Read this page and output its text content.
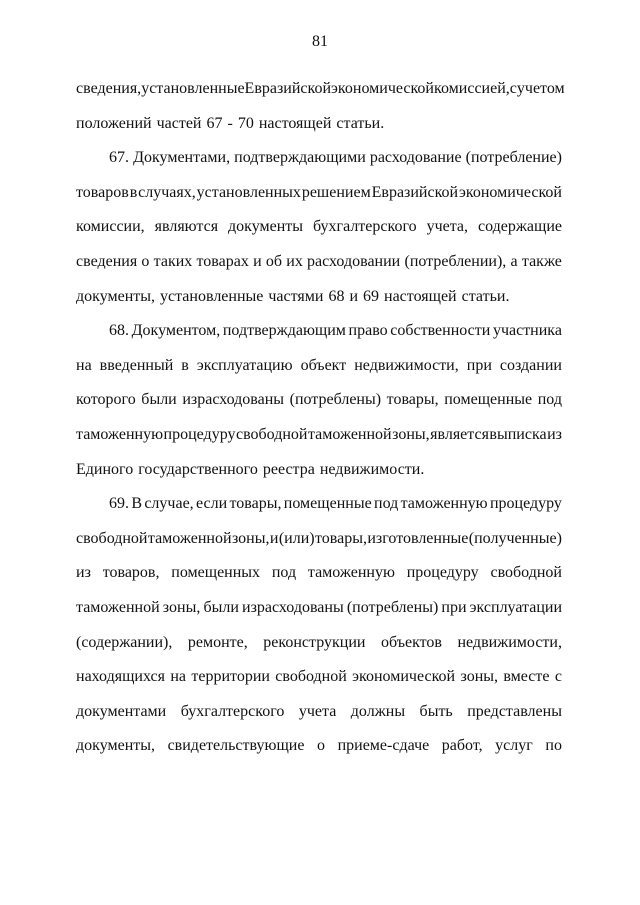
81
сведения, установленные Евразийской экономической комиссией, с учетом
положений частей 67 - 70 настоящей статьи.
67. Документами, подтверждающими расходование (потребление)
товаров в случаях, установленных решением Евразийской экономической
комиссии, являются документы бухгалтерского учета, содержащие
сведения о таких товарах и об их расходовании (потреблении), а также
документы, установленные частями 68 и 69 настоящей статьи.
68. Документом, подтверждающим право собственности участника
на введенный в эксплуатацию объект недвижимости, при создании
которого были израсходованы (потреблены) товары, помещенные под
таможенную процедуру свободной таможенной зоны, является выписка из
Единого государственного реестра недвижимости.
69. В случае, если товары, помещенные под таможенную процедуру
свободной таможенной зоны, и (или) товары, изготовленные (полученные)
из товаров, помещенных под таможенную процедуру свободной
таможенной зоны, были израсходованы (потреблены) при эксплуатации
(содержании), ремонте, реконструкции объектов недвижимости,
находящихся на территории свободной экономической зоны, вместе с
документами бухгалтерского учета должны быть представлены
документы, свидетельствующие о приеме-сдаче работ, услуг по
